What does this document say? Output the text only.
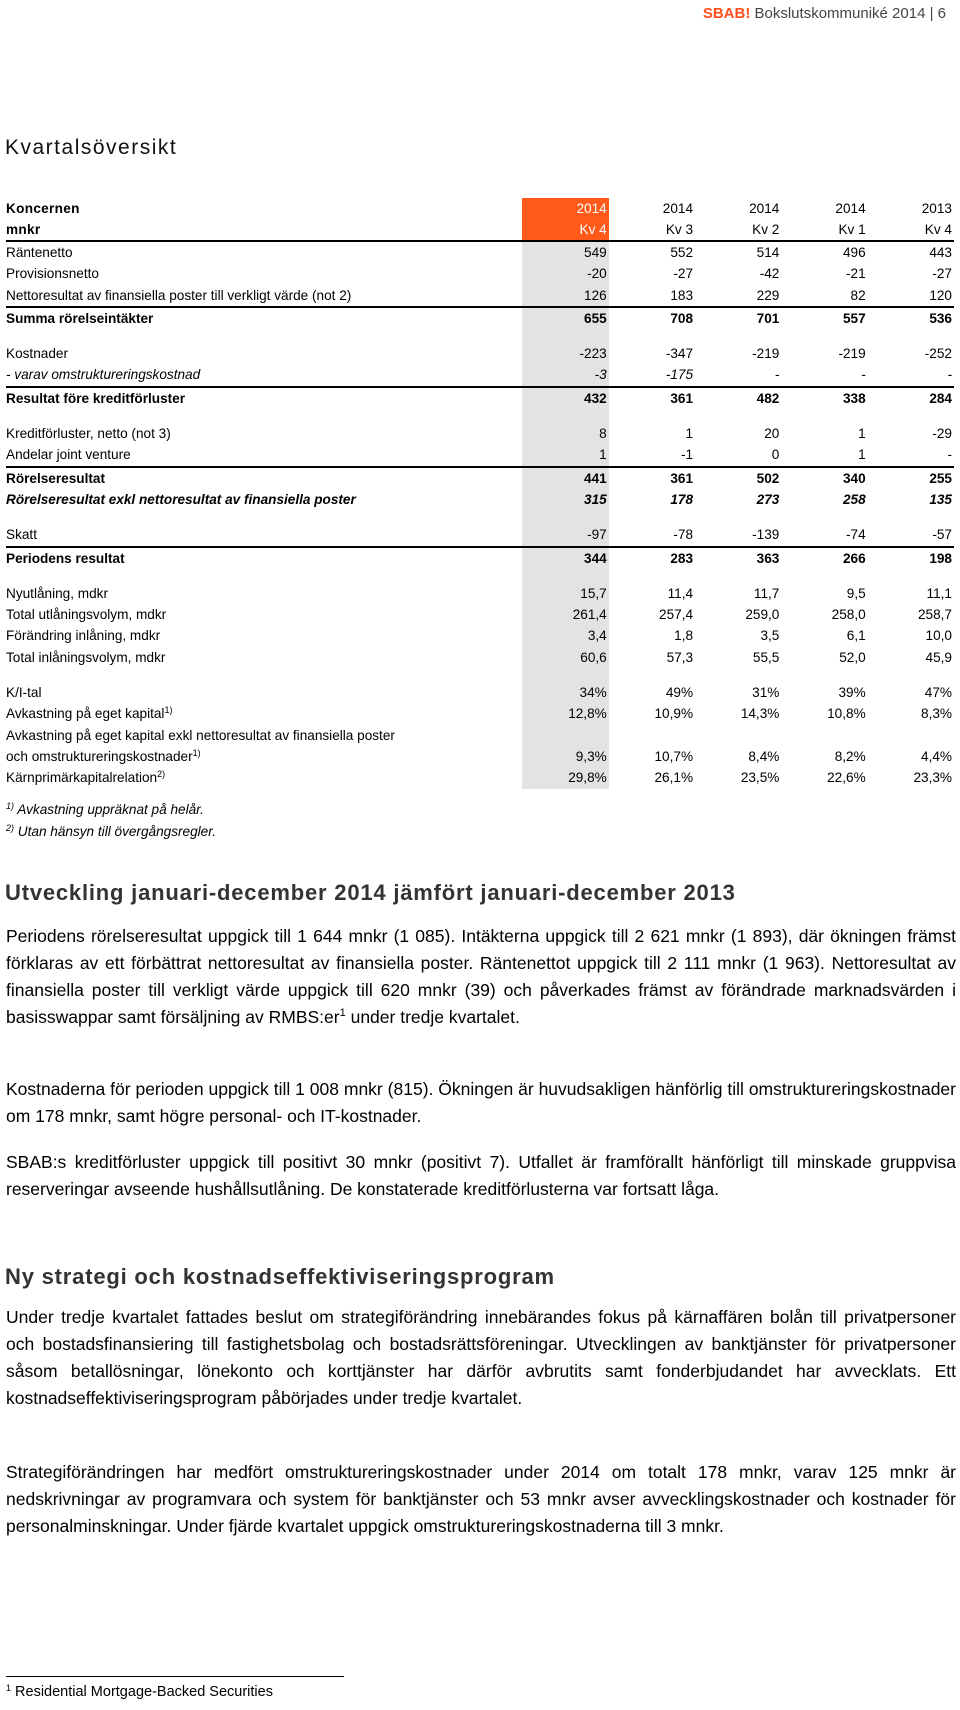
SBAB! Bokslutskommuniké 2014 | 6
Kvartalsöversikt
Koncernen	2014	2014	2014	2014	2013
mnkr	Kv 4	Kv 3	Kv 2	Kv 1	Kv 4
Räntenetto	549	552	514	496	443
Provisionsnetto	-20	-27	-42	-21	-27
Nettoresultat av finansiella poster till verkligt värde (not 2)	126	183	229	82	120
Summa rörelseintäkter	655	708	701	557	536

Kostnader	-223	-347	-219	-219	-252
- varav omstruktureringskostnad	-3	-175	-	-	-
Resultat före kreditförluster	432	361	482	338	284

Kreditförluster, netto (not 3)	8	1	20	1	-29
Andelar joint venture	1	-1	0	1	-
Rörelseresultat	441	361	502	340	255
Rörelseresultat exkl nettoresultat av finansiella poster	315	178	273	258	135

Skatt	-97	-78	-139	-74	-57
Periodens resultat	344	283	363	266	198

Nyutlåning, mdkr	15,7	11,4	11,7	9,5	11,1
Total utlåningsvolym, mdkr	261,4	257,4	259,0	258,0	258,7
Förändring inlåning, mdkr	3,4	1,8	3,5	6,1	10,0
Total inlåningsvolym, mdkr	60,6	57,3	55,5	52,0	45,9

K/I-tal	34%	49%	31%	39%	47%
Avkastning på eget kapital$^{1)}$	12,8%	10,9%	14,3%	10,8%	8,3%
Avkastning på eget kapital exkl nettoresultat av finansiella poster					
och omstruktureringskostnader$^{1)}$	9,3%	10,7%	8,4%	8,2%	4,4%
Kärnprimärkapitalrelation$^{2)}$	29,8%	26,1%	23,5%	22,6%	23,3%
$^{1)}$ Avkastning uppräknat på helår.
$^{2)}$ Utan hänsyn till övergångsregler.
Utveckling januari-december 2014 jämfört januari-december 2013

Periodens rörelseresultat uppgick till 1 644 mnkr (1 085). Intäkterna uppgick till 2 621 mnkr (1 893), där ökningen främst förklaras av ett förbättrat nettoresultat av finansiella poster. Räntenettot uppgick till 2 111 mnkr (1 963). Nettoresultat av finansiella poster till verkligt värde uppgick till 620 mnkr (39) och påverkades främst av förändrade marknadsvärden i basisswappar samt försäljning av $RMBS:er^1$ under tredje kvartalet.

Kostnaderna för perioden uppgick till 1 008 mnkr (815). Ökningen är huvudsakligen hänförlig till omstruktureringskostnader om 178 mnkr, samt högre personal- och IT-kostnader.

SBAB:s kreditförluster uppgick till positivt 30 mnkr (positivt 7). Utfallet är framförallt hänförligt till minskade gruppvisa reserveringar avseende hushållsutlåning. De konstaterade kreditförlusterna var fortsatt låga.

Ny strategi och kostnadseffektiviseringsprogram

Under tredje kvartalet fattades beslut om strategiförändring innebärandes fokus på kärnaffären bolån till privatpersoner och bostadsfinansiering till fastighetsbolag och bostadsrättsföreningar. Utvecklingen av banktjänster för privatpersoner såsom betallösningar, lönekonto och korttjänster har därför avbrutits samt fonderbjudandet har avvecklats. Ett kostnadseffektiviseringsprogram påbörjades under tredje kvartalet.

Strategiförändringen har medfört omstruktureringskostnader under 2014 om totalt 178 mnkr, varav 125 mnkr är nedskrivningar av programvara och system för banktjänster och 53 mnkr avser avvecklingskostnader och kostnader för personalminskningar. Under fjärde kvartalet uppgick omstruktureringskostnaderna till 3 mnkr.

$^1$ Residential Mortgage-Backed Securities
